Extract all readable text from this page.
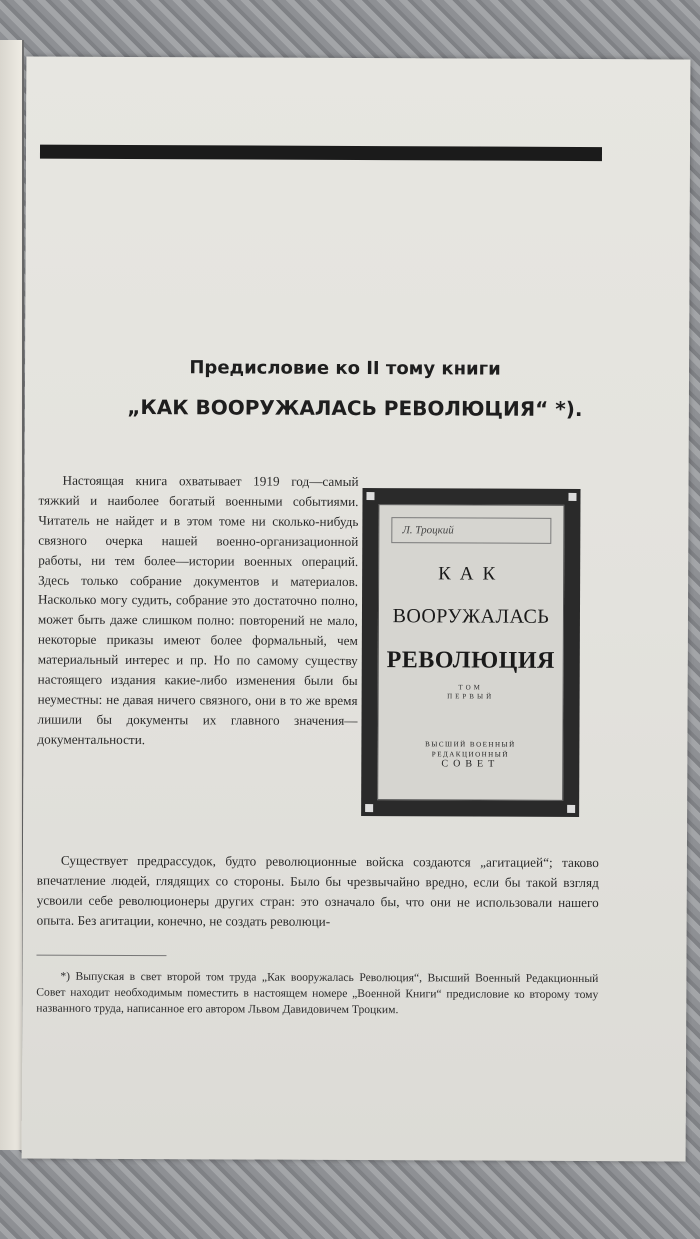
Предисловие ко II тому книги
„КАК ВООРУЖАЛАСЬ РЕВОЛЮЦИЯ“ *).

Настоящая книга охватывает 1919 год—самый тяжкий и наиболее богатый военными событиями. Читатель не найдет и в этом томе ни сколько-нибудь связного очерка нашей военно-организационной работы, ни тем более—истории военных операций. Здесь только собрание документов и материалов. Насколько могу судить, собрание это достаточно полно, может быть даже слишком полно: повторений не мало, некоторые приказы имеют более формальный, чем материальный интерес и пр. Но по самому существу настоящего издания какие-либо изменения были бы неуместны: не давая ничего связного, они в то же время лишили бы документы их главного значения—документальности.

Л. Троцкий
КАК
ВООРУЖАЛАСЬ
РЕВОЛЮЦИЯ
ТОМ
ПЕРВЫЙ
ВЫСШИЙ ВОЕННЫЙ
РЕДАКЦИОННЫЙ
СОВЕТ

Существует предрассудок, будто революционные войска создаются „агитацией“; таково впечатление людей, глядящих со стороны. Было бы чрезвычайно вредно, если бы такой взгляд усвоили себе революционеры других стран: это означало бы, что они не использовали нашего опыта. Без агитации, конечно, не создать революци-

*) Выпуская в свет второй том труда „Как вооружалась Революция“, Высший Военный Редакционный Совет находит необходимым поместить в настоящем номере „Военной Книги“ предисловие ко второму тому названного труда, написанное его автором Львом Давидовичем Троцким.
